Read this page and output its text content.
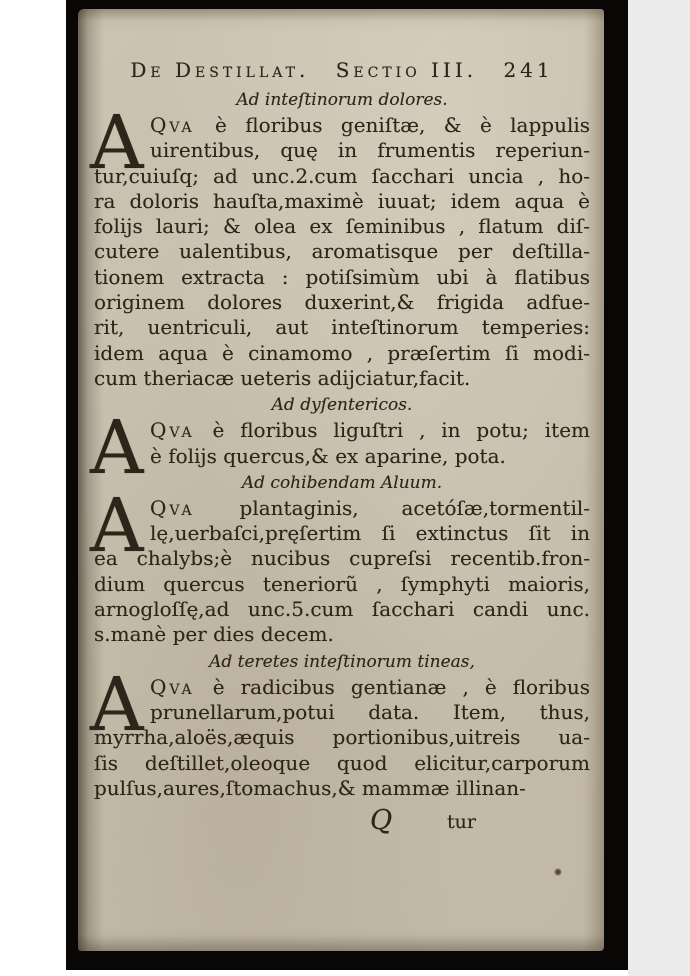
De Destillat. Sectio III. 241
Ad inteſtinorum dolores.
A Qva è floribus geniſtæ, & è lappulis
uirentibus, quę in frumentis reperiun-
tur,cuiuſq; ad unc.2.cum ſacchari uncia , ho-
ra doloris hauſta,maximè iuuat; idem aqua è
folijs lauri; & olea ex ſeminibus , flatum diſ-
cutere ualentibus, aromatisque per deſtilla-
tionem extracta : potiſsimùm ubi à flatibus
originem dolores duxerint,& frigida adfue-
rit, uentriculi, aut inteſtinorum temperies:
idem aqua è cinamomo , præſertim ſi modi-
cum theriacæ ueteris adijciatur,facit.
Ad dyſentericos.
A Qva è floribus liguſtri , in potu; item
è folijs quercus,& ex aparine, pota.
Ad cohibendam Aluum.
A Qva plantaginis, acetóſæ,tormentil-
lę,uerbaſci,pręſertim ſi extinctus ſit in
ea chalybs;è nucibus cupreſsi recentib.fron-
dium quercus teneriorũ , ſymphyti maioris,
arnogloſſę,ad unc.5.cum ſacchari candi unc.
s.manè per dies decem.
Ad teretes inteſtinorum tineas,
A Qva è radicibus gentianæ , è floribus
prunellarum,potui data. Item, thus,
myrrha,aloës,æquis portionibus,uitreis ua-
ſis deſtillet,oleoque quod elicitur,carporum
pulſus,aures,ſtomachus,& mammæ illinan-
Q	tur
